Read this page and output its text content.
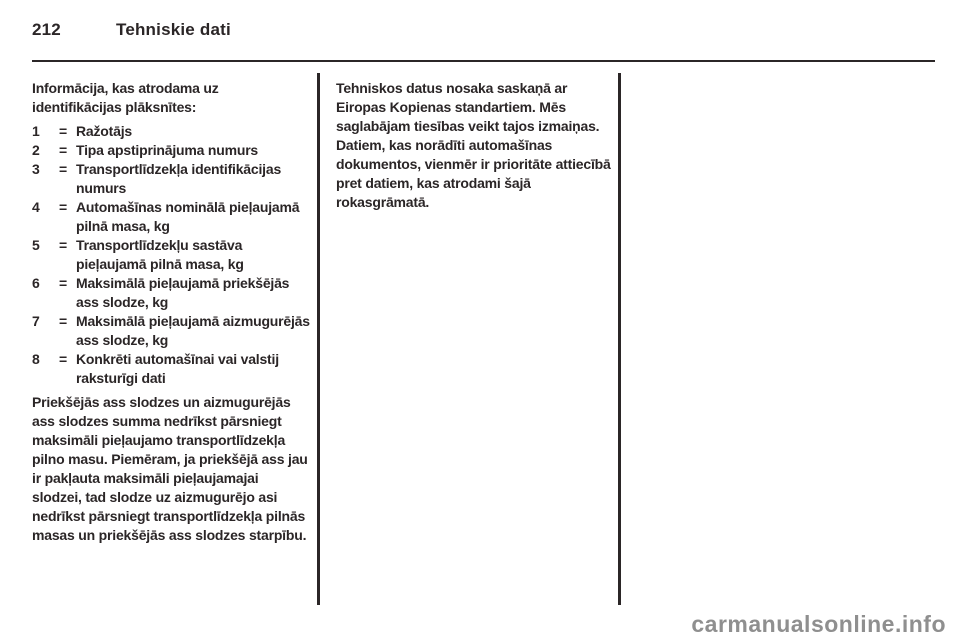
212	Tehniskie dati

Informācija, kas atrodama uz identifikācijas plāksnītes:

1	= Ražotājs
2	= Tipa apstiprinājuma numurs
3	= Transportlīdzekļa identifikācijas numurs
4	= Automašīnas nominālā pieļaujamā pilnā masa, kg
5	= Transportlīdzekļu sastāva pieļaujamā pilnā masa, kg
6	= Maksimālā pieļaujamā priekšējās ass slodze, kg
7	= Maksimālā pieļaujamā aizmugurējās ass slodze, kg
8	= Konkrēti automašīnai vai valstij raksturīgi dati

Priekšējās ass slodzes un aizmugurējās ass slodzes summa nedrīkst pārsniegt maksimāli pieļaujamo transportlīdzekļa pilno masu. Piemēram, ja priekšējā ass jau ir pakļauta maksimāli pieļaujamajai slodzei, tad slodze uz aizmugurējo asi nedrīkst pārsniegt transportlīdzekļa pilnās masas un priekšējās ass slodzes starpību.

Tehniskos datus nosaka saskaņā ar Eiropas Kopienas standartiem. Mēs saglabājam tiesības veikt tajos izmaiņas. Datiem, kas norādīti automašīnas dokumentos, vienmēr ir prioritāte attiecībā pret datiem, kas atrodami šajā rokasgrāmatā.

carmanualsonline.info
